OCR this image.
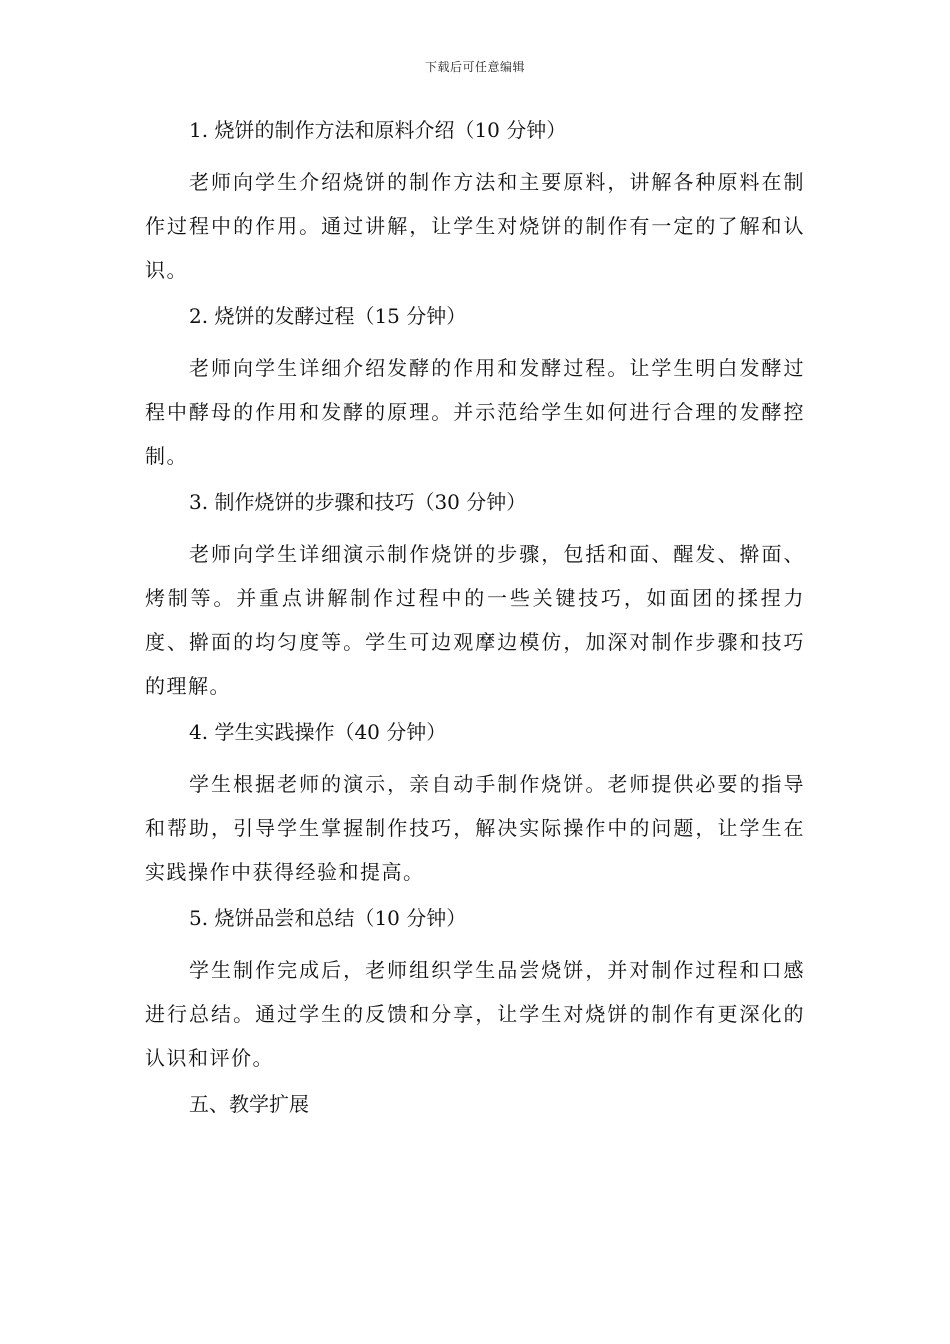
下载后可任意编辑

1. 烧饼的制作方法和原料介绍（10 分钟）

老师向学生介绍烧饼的制作方法和主要原料，讲解各种原料在制作过程中的作用。通过讲解，让学生对烧饼的制作有一定的了解和认识。

2. 烧饼的发酵过程（15 分钟）

老师向学生详细介绍发酵的作用和发酵过程。让学生明白发酵过程中酵母的作用和发酵的原理。并示范给学生如何进行合理的发酵控制。

3. 制作烧饼的步骤和技巧（30 分钟）

老师向学生详细演示制作烧饼的步骤，包括和面、醒发、擀面、烤制等。并重点讲解制作过程中的一些关键技巧，如面团的揉捏力度、擀面的均匀度等。学生可边观摩边模仿，加深对制作步骤和技巧的理解。

4. 学生实践操作（40 分钟）

学生根据老师的演示，亲自动手制作烧饼。老师提供必要的指导和帮助，引导学生掌握制作技巧，解决实际操作中的问题，让学生在实践操作中获得经验和提高。

5. 烧饼品尝和总结（10 分钟）

学生制作完成后，老师组织学生品尝烧饼，并对制作过程和口感进行总结。通过学生的反馈和分享，让学生对烧饼的制作有更深化的认识和评价。

五、教学扩展
